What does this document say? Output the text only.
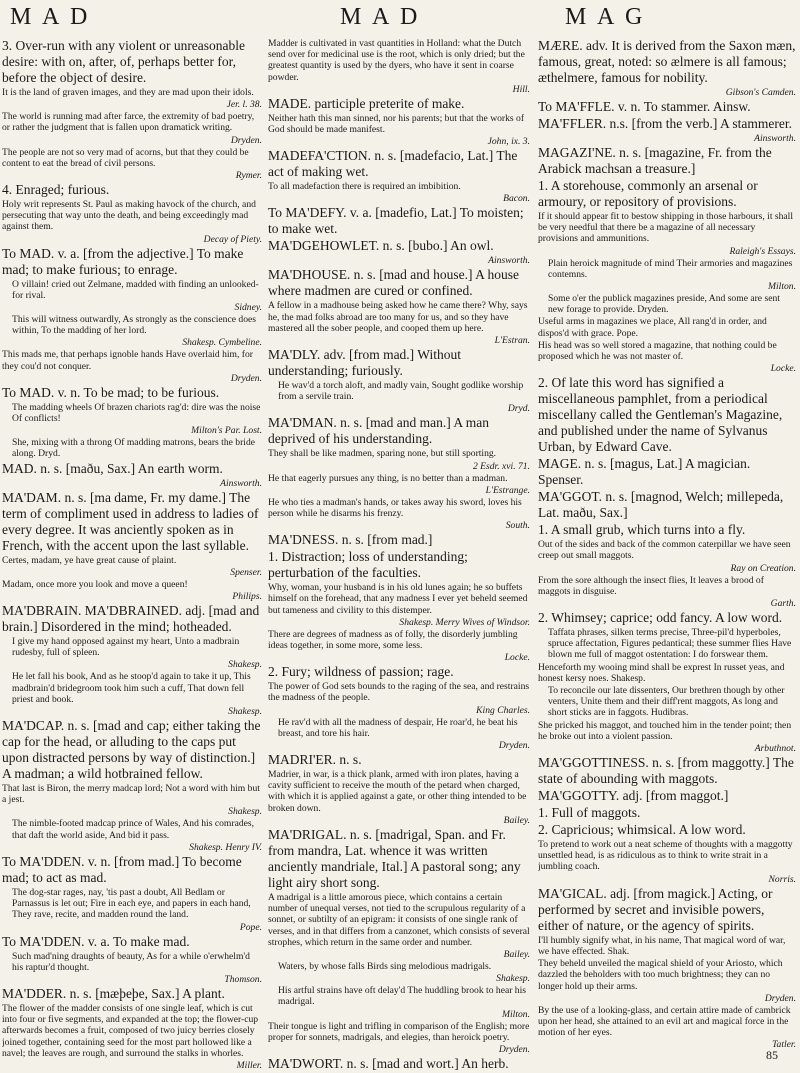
M A D	M A D	M A G

3. Over-run with any violent or unreasonable desire: with on, after, of, perhaps better for, before the object of desire.

It is the land of graven images, and they are mad upon their idols.

Jer. l. 38.

The world is running mad after farce, the extremity of bad poetry, or rather the judgment that is fallen upon dramatick writing.

Dryden.

The people are not so very mad of acorns, but that they could be content to eat the bread of civil persons.

Rymer.

4. Enraged; furious.

Holy writ represents St. Paul as making havock of the church, and persecuting that way unto the death, and being exceedingly mad against them.

Decay of Piety.

To MAD. v. a. [from the adjective.] To make mad; to make furious; to enrage.

O villain! cried out Zelmane, madded with finding an unlooked-for rival.

Sidney.

This will witness outwardly, As strongly as the conscience does within, To the madding of her lord.

Shakesp. Cymbeline.

This mads me, that perhaps ignoble hands Have overlaid him, for they cou'd not conquer.

Dryden.

To MAD. v. n. To be mad; to be furious.

The madding wheels Of brazen chariots rag'd: dire was the noise Of conflicts!

Milton's Par. Lost.

She, mixing with a throng Of madding matrons, bears the bride along. Dryd.

MAD. n. s. [maðu, Sax.] An earth worm.

Ainsworth.

MA'DAM. n. s. [ma dame, Fr. my dame.] The term of compliment used in address to ladies of every degree. It was anciently spoken as in French, with the accent upon the last syllable.

Certes, madam, ye have great cause of plaint.

Spenser.

Madam, once more you look and move a queen!

Philips.

MA'DBRAIN. MA'DBRAINED. adj. [mad and brain.] Disordered in the mind; hotheaded.

I give my hand opposed against my heart, Unto a madbrain rudesby, full of spleen.

Shakesp.

He let fall his book, And as he stoop'd again to take it up, This madbrain'd bridegroom took him such a cuff, That down fell priest and book.

Shakesp.

MA'DCAP. n. s. [mad and cap; either taking the cap for the head, or alluding to the caps put upon distracted persons by way of distinction.] A madman; a wild hotbrained fellow.

That last is Biron, the merry madcap lord; Not a word with him but a jest.

Shakesp.

The nimble-footed madcap prince of Wales, And his comrades, that daft the world aside, And bid it pass.

Shakesp. Henry IV.

To MA'DDEN. v. n. [from mad.] To become mad; to act as mad.

The dog-star rages, nay, 'tis past a doubt, All Bedlam or Parnassus is let out; Fire in each eye, and papers in each hand, They rave, recite, and madden round the land.

Pope.

To MA'DDEN. v. a. To make mad.

Such mad'ning draughts of beauty, As for a while o'erwhelm'd his raptur'd thought.

Thomson.

MA'DDER. n. s. [mæþeþe, Sax.] A plant.

The flower of the madder consists of one single leaf, which is cut into four or five segments, and expanded at the top; the flower-cup afterwards becomes a fruit, composed of two juicy berries closely joined together, containing seed for the most part hollowed like a navel; the leaves are rough, and surround the stalks in whorles.

Miller.

Madder is cultivated in vast quantities in Holland: what the Dutch send over for medicinal use is the root, which is only dried; but the greatest quantity is used by the dyers, who have it sent in coarse powder.

Hill.

MADE. participle preterite of make.

Neither hath this man sinned, nor his parents; but that the works of God should be made manifest.

John, ix. 3.

MADEFA'CTION. n. s. [madefacio, Lat.] The act of making wet.

To all madefaction there is required an imbibition.

Bacon.

To MA'DEFY. v. a. [madefio, Lat.] To moisten; to make wet.

MA'DGEHOWLET. n. s. [bubo.] An owl.

Ainsworth.

MA'DHOUSE. n. s. [mad and house.] A house where madmen are cured or confined.

A fellow in a madhouse being asked how he came there? Why, says he, the mad folks abroad are too many for us, and so they have mastered all the sober people, and cooped them up here.

L'Estran.

MA'DLY. adv. [from mad.] Without understanding; furiously.

He wav'd a torch aloft, and madly vain, Sought godlike worship from a servile train.

Dryd.

MA'DMAN. n. s. [mad and man.] A man deprived of his understanding.

They shall be like madmen, sparing none, but still sporting.

2 Esdr. xvi. 71.

He that eagerly pursues any thing, is no better than a madman.

L'Estrange.

He who ties a madman's hands, or takes away his sword, loves his person while he disarms his frenzy.

South.

MA'DNESS. n. s. [from mad.]

1. Distraction; loss of understanding; perturbation of the faculties.

Why, woman, your husband is in his old lunes again; he so buffets himself on the forehead, that any madness I ever yet beheld seemed but tameness and civility to this distemper.

Shakesp. Merry Wives of Windsor.

There are degrees of madness as of folly, the disorderly jumbling ideas together, in some more, some less.

Locke.

2. Fury; wildness of passion; rage.

The power of God sets bounds to the raging of the sea, and restrains the madness of the people.

King Charles.

He rav'd with all the madness of despair, He roar'd, he beat his breast, and tore his hair.

Dryden.

MADRI'ER. n. s.

Madrier, in war, is a thick plank, armed with iron plates, having a cavity sufficient to receive the mouth of the petard when charged, with which it is applied against a gate, or other thing intended to be broken down.

Bailey.

MA'DRIGAL. n. s. [madrigal, Span. and Fr. from mandra, Lat. whence it was written anciently mandriale, Ital.] A pastoral song; any light airy short song.

A madrigal is a little amorous piece, which contains a certain number of unequal verses, not tied to the scrupulous regularity of a sonnet, or subtilty of an epigram: it consists of one single rank of verses, and in that differs from a canzonet, which consists of several strophes, which return in the same order and number.

Bailey.

Waters, by whose falls Birds sing melodious madrigals.

Shakesp.

His artful strains have oft delay'd The huddling brook to hear his madrigal.

Milton.

Their tongue is light and trifling in comparison of the English; more proper for sonnets, madrigals, and elegies, than heroick poetry.

Dryden.

MA'DWORT. n. s. [mad and wort.] An herb.

MÆRE. adv. It is derived from the Saxon mæn, famous, great, noted: so ælmere is all famous; æthelmere, famous for nobility.

Gibson's Camden.

To MA'FFLE. v. n. To stammer. Ainsw.

MA'FFLER. n.s. [from the verb.] A stammerer.

Ainsworth.

MAGAZI'NE. n. s. [magazine, Fr. from the Arabick machsan a treasure.]

1. A storehouse, commonly an arsenal or armoury, or repository of provisions.

If it should appear fit to bestow shipping in those harbours, it shall be very needful that there be a magazine of all necessary provisions and ammunitions.

Raleigh's Essays.

Plain heroick magnitude of mind Their armories and magazines contemns.

Milton.

Some o'er the publick magazines preside, And some are sent new forage to provide. Dryden.

Useful arms in magazines we place, All rang'd in order, and dispos'd with grace. Pope.

His head was so well stored a magazine, that nothing could be proposed which he was not master of.

Locke.

2. Of late this word has signified a miscellaneous pamphlet, from a periodical miscellany called the Gentleman's Magazine, and published under the name of Sylvanus Urban, by Edward Cave.

MAGE. n. s. [magus, Lat.] A magician. Spenser.

MA'GGOT. n. s. [magnod, Welch; millepeda, Lat. maðu, Sax.]

1. A small grub, which turns into a fly.

Out of the sides and back of the common caterpillar we have seen creep out small maggots.

Ray on Creation.

From the sore although the insect flies, It leaves a brood of maggots in disguise.

Garth.

2. Whimsey; caprice; odd fancy. A low word.

Taffata phrases, silken terms precise, Three-pil'd hyperboles, spruce affectation, Figures pedantical; these summer flies Have blown me full of maggot ostentation: I do forswear them.

Henceforth my wooing mind shall be exprest In russet yeas, and honest kersy noes. Shakesp.

To reconcile our late dissenters, Our brethren though by other venters, Unite them and their diff'rent maggots, As long and short sticks are in faggots. Hudibras.

She pricked his maggot, and touched him in the tender point; then he broke out into a violent passion.

Arbuthnot.

MA'GGOTTINESS. n. s. [from maggotty.] The state of abounding with maggots.

MA'GGOTTY. adj. [from maggot.]

1. Full of maggots.

2. Capricious; whimsical. A low word.

To pretend to work out a neat scheme of thoughts with a maggotty unsettled head, is as ridiculous as to think to write strait in a jumbling coach.

Norris.

MA'GICAL. adj. [from magick.] Acting, or performed by secret and invisible powers, either of nature, or the agency of spirits.

I'll humbly signify what, in his name, That magical word of war, we have effected. Shak.

They beheld unveiled the magical shield of your Ariosto, which dazzled the beholders with too much brightness; they can no longer hold up their arms.

Dryden.

By the use of a looking-glass, and certain attire made of cambrick upon her head, she attained to an evil art and magical force in the motion of her eyes.

Tatler.

85
